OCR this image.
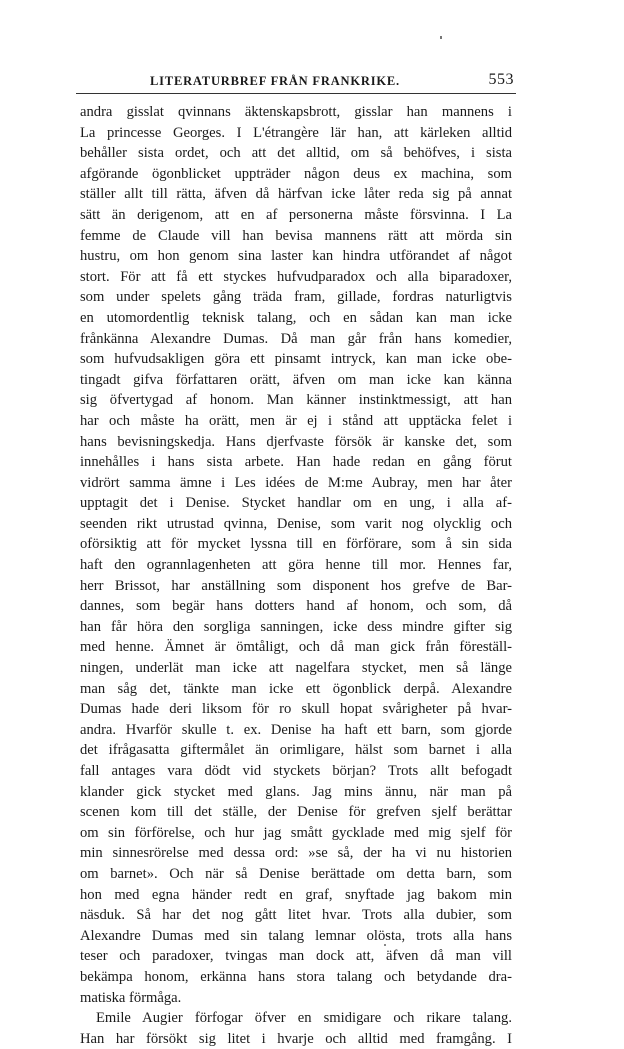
LITERATURBREF FRÅN FRANKRIKE.	553
andra gisslat qvinnans äktenskapsbrott, gisslar han mannens i
La princesse Georges. I L'étrangère lär han, att kärleken alltid
behåller sista ordet, och att det alltid, om så behöfves, i sista
afgörande ögonblicket uppträder någon deus ex machina, som
ställer allt till rätta, äfven då härfvan icke låter reda sig på annat
sätt än derigenom, att en af personerna måste försvinna. I La
femme de Claude vill han bevisa mannens rätt att mörda sin
hustru, om hon genom sina laster kan hindra utförandet af något
stort. För att få ett styckes hufvudparadox och alla biparadoxer,
som under spelets gång träda fram, gillade, fordras naturligtvis
en utomordentlig teknisk talang, och en sådan kan man icke
frånkänna Alexandre Dumas. Då man går från hans komedier,
som hufvudsakligen göra ett pinsamt intryck, kan man icke obe-
tingadt gifva författaren orätt, äfven om man icke kan känna
sig öfvertygad af honom. Man känner instinktmessigt, att han
har och måste ha orätt, men är ej i stånd att upptäcka felet i
hans bevisningskedja. Hans djerfvaste försök är kanske det, som
innehålles i hans sista arbete. Han hade redan en gång förut
vidrört samma ämne i Les idées de M:me Aubray, men har åter
upptagit det i Denise. Stycket handlar om en ung, i alla af-
seenden rikt utrustad qvinna, Denise, som varit nog olycklig och
oförsiktig att för mycket lyssna till en förförare, som å sin sida
haft den ogrannlagenheten att göra henne till mor. Hennes far,
herr Brissot, har anställning som disponent hos grefve de Bar-
dannes, som begär hans dotters hand af honom, och som, då
han får höra den sorgliga sanningen, icke dess mindre gifter sig
med henne. Ämnet är ömtåligt, och då man gick från föreställ-
ningen, underlät man icke att nagelfara stycket, men så länge
man såg det, tänkte man icke ett ögonblick derpå. Alexandre
Dumas hade deri liksom för ro skull hopat svårigheter på hvar-
andra. Hvarför skulle t. ex. Denise ha haft ett barn, som gjorde
det ifrågasatta giftermålet än orimligare, hälst som barnet i alla
fall antages vara dödt vid styckets början? Trots allt befogadt
klander gick stycket med glans. Jag mins ännu, när man på
scenen kom till det ställe, der Denise för grefven sjelf berättar
om sin förförelse, och hur jag smått gycklade med mig sjelf för
min sinnesrörelse med dessa ord: »se så, der ha vi nu historien
om barnet». Och när så Denise berättade om detta barn, som
hon med egna händer redt en graf, snyftade jag bakom min
näsduk. Så har det nog gått litet hvar. Trots alla dubier, som
Alexandre Dumas med sin talang lemnar olösta, trots alla hans
teser och paradoxer, tvingas man dock att, äfven då man vill
bekämpa honom, erkänna hans stora talang och betydande dra-
matiska förmåga.
Emile Augier förfogar öfver en smidigare och rikare talang.
Han har försökt sig litet i hvarje och alltid med framgång. I
